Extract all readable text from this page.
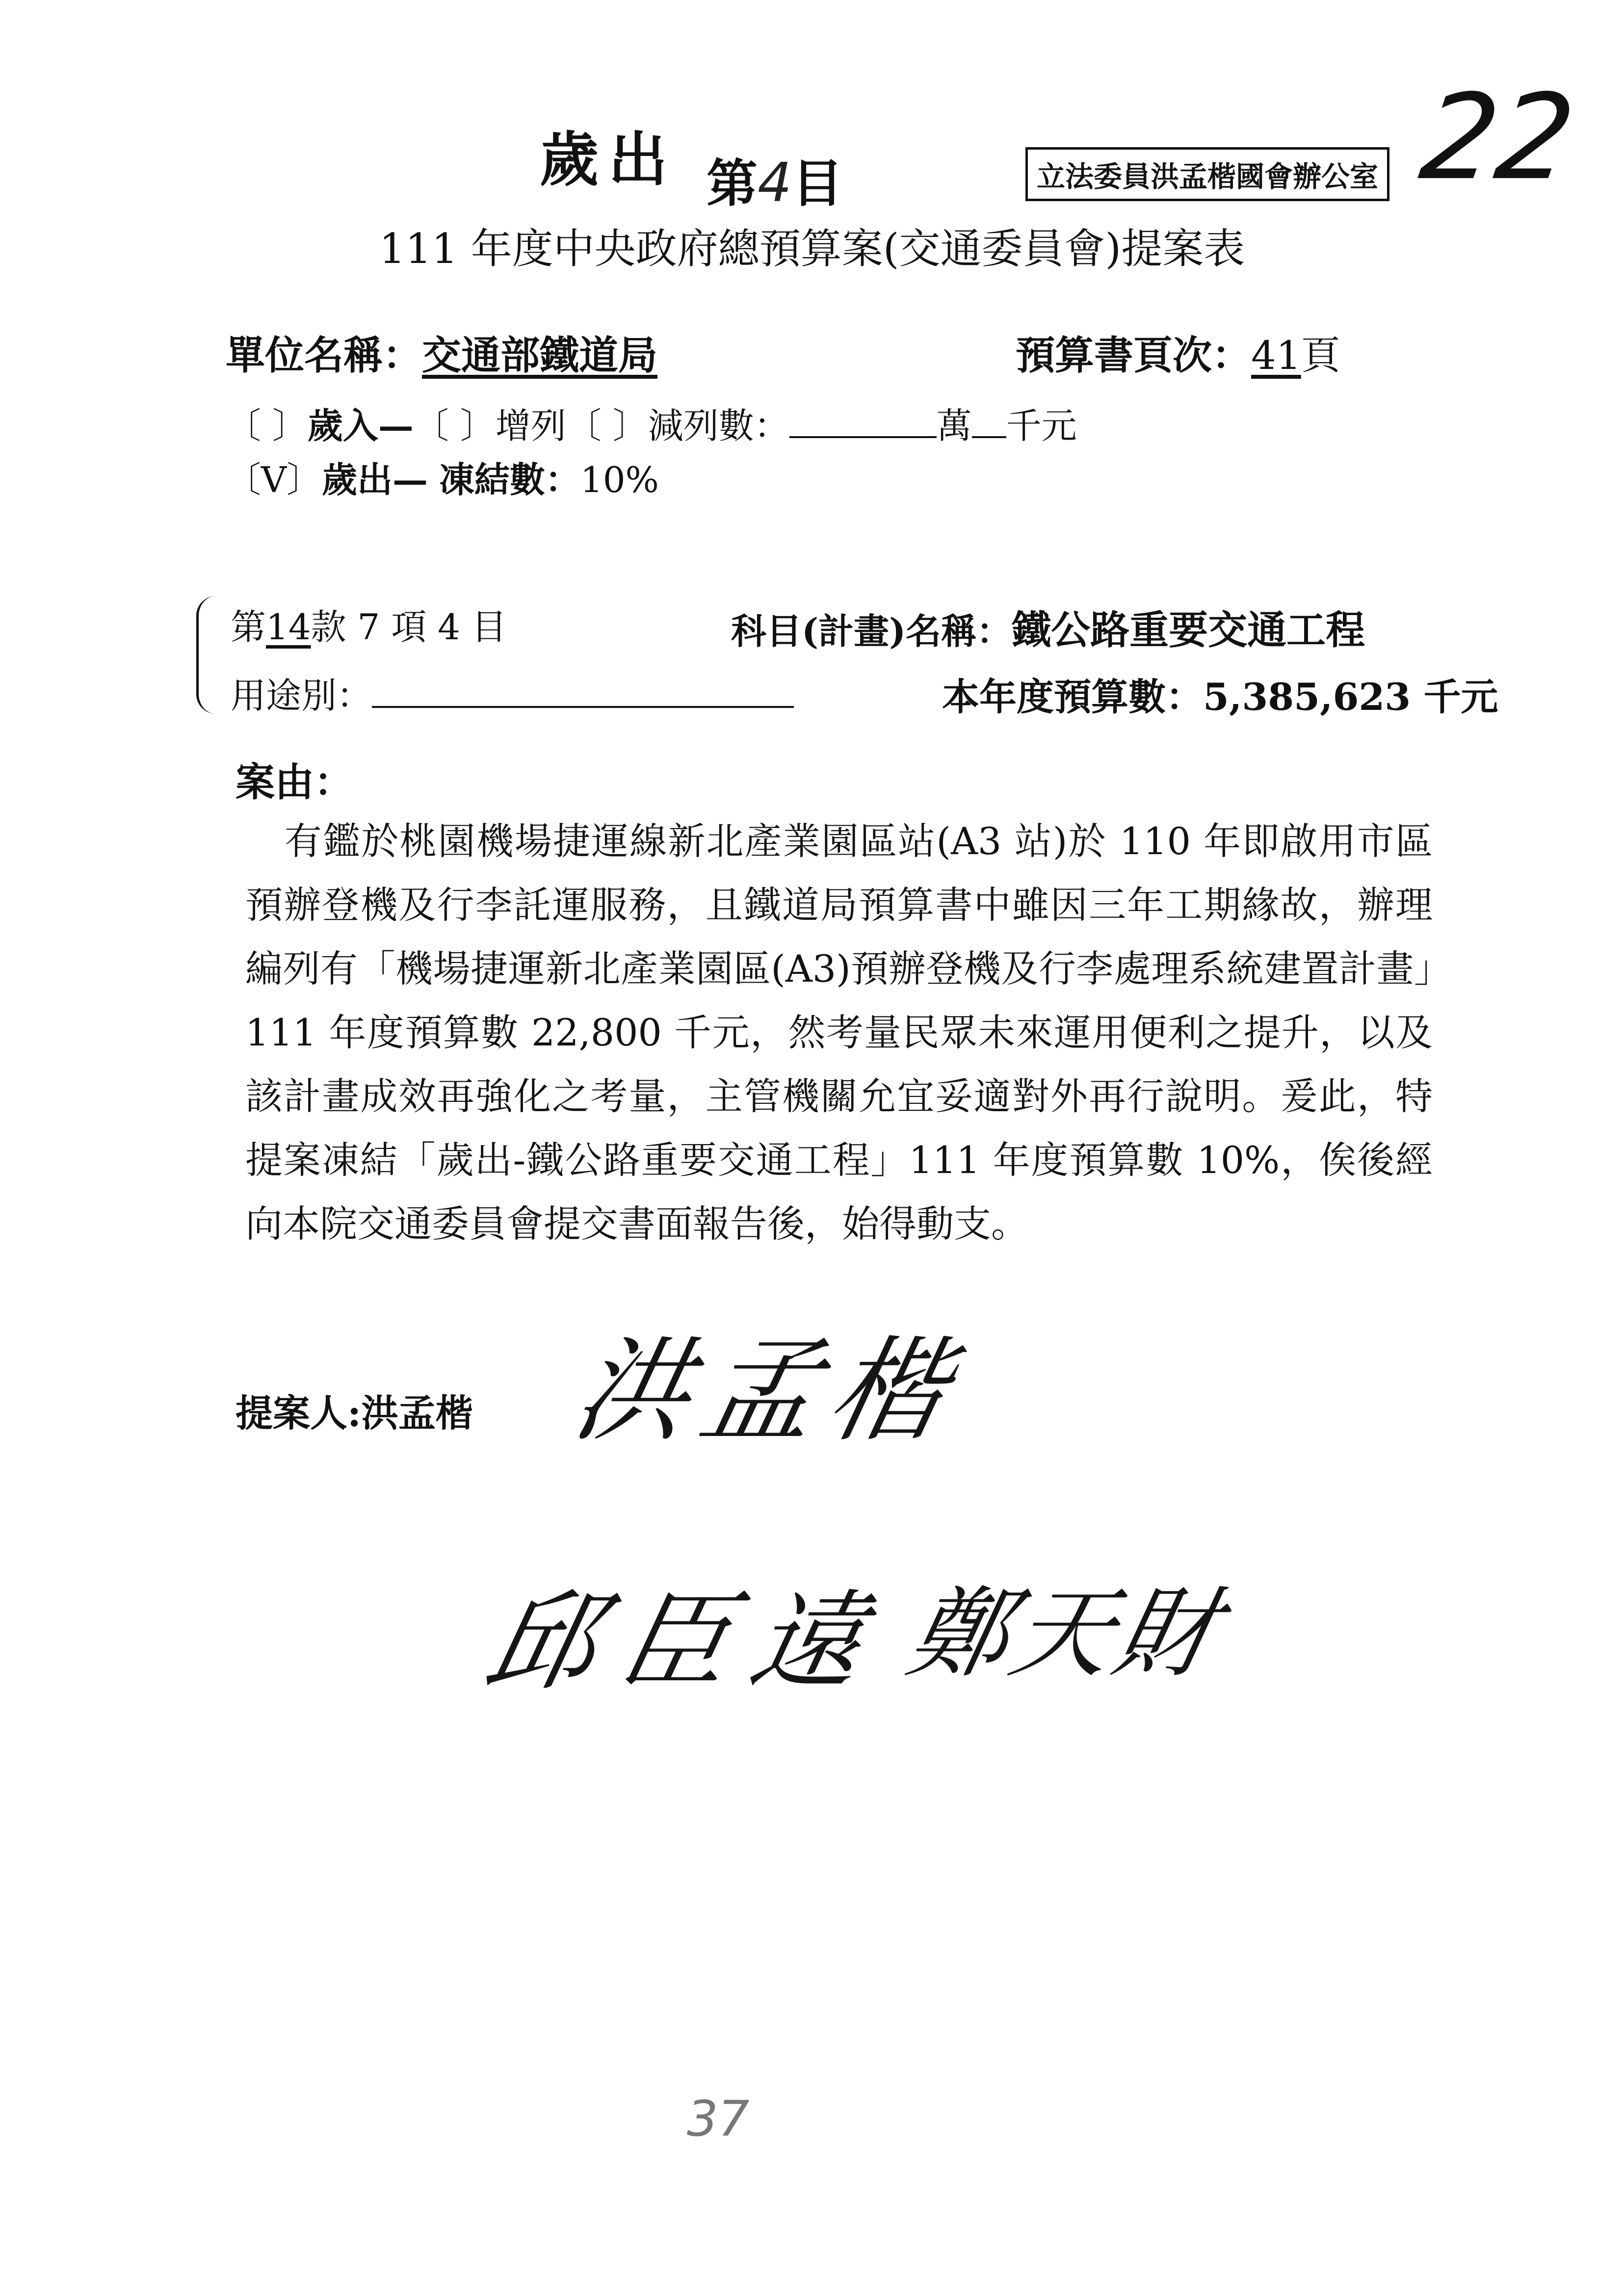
歲出 第4目	立法委員洪孟楷國會辦公室 22
111 年度中央政府總預算案(交通委員會)提案表
單位名稱：交通部鐵道局	預算書頁次：41頁
〔 〕歲入—〔 〕增列〔 〕減列數：	萬 千元
〔V〕歲出— 凍結數：10%
第14款 7 項 4 目	科目(計畫)名稱：鐵公路重要交通工程
用途別：	本年度預算數：5,385,623 千元
案由：
有鑑於桃園機場捷運線新北產業園區站(A3 站)於 110 年即啟用市區預辦登機及行李託運服務，且鐵道局預算書中雖因三年工期緣故，辦理編列有「機場捷運新北產業園區(A3)預辦登機及行李處理系統建置計畫」111 年度預算數 22,800 千元，然考量民眾未來運用便利之提升，以及該計畫成效再強化之考量，主管機關允宜妥適對外再行說明。爰此，特提案凍結「歲出-鐵公路重要交通工程」111 年度預算數 10%，俟後經向本院交通委員會提交書面報告後，始得動支。
提案人:洪孟楷 洪孟楷
邱臣遠
鄭天財
37
